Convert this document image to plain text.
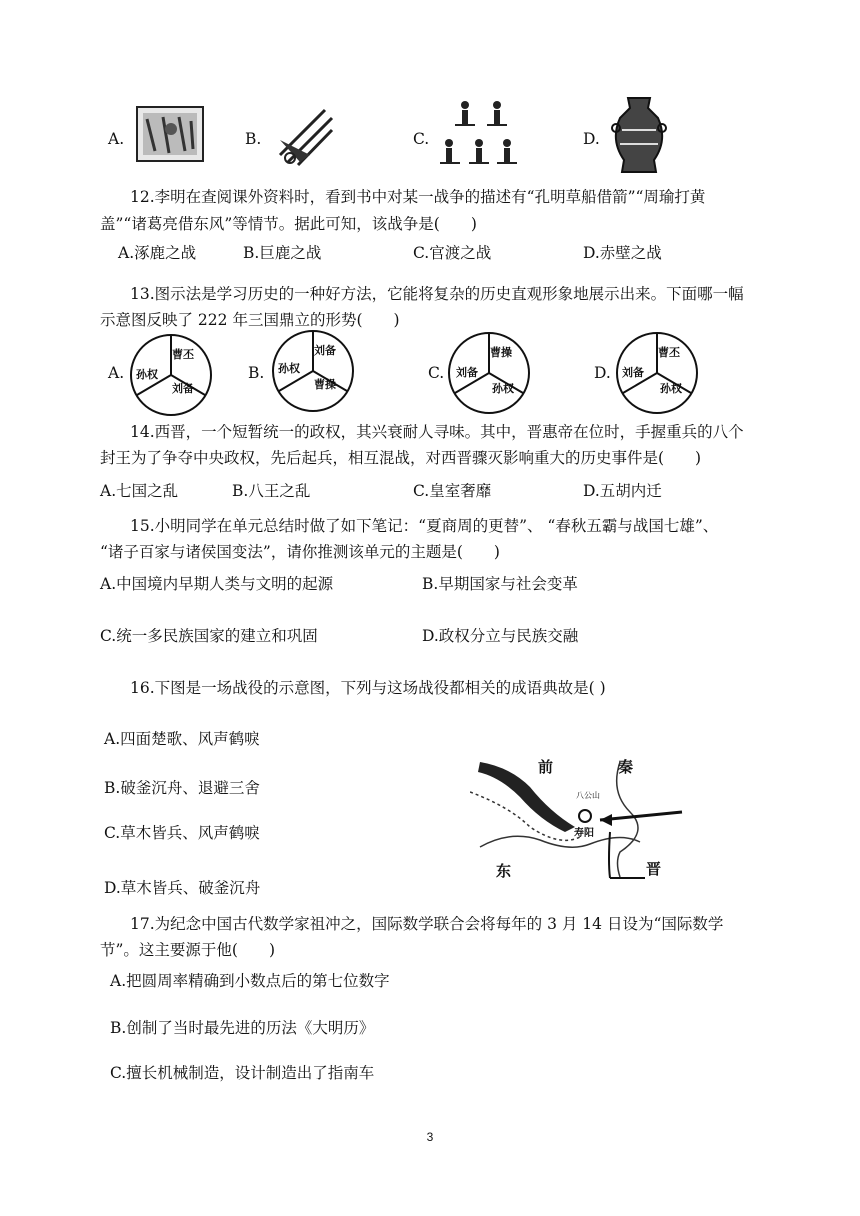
A.	B.	C.	D.
12.李明在查阅课外资料时，看到书中对某一战争的描述有“孔明草船借箭”“周瑜打黄
盖”“诸葛亮借东风”等情节。据此可知，该战争是(　　)
A.涿鹿之战	B.巨鹿之战	C.官渡之战	D.赤壁之战
13.图示法是学习历史的一种好方法，它能将复杂的历史直观形象地展示出来。下面哪一幅
示意图反映了 222 年三国鼎立的形势(　　)
A.
曹丕
孙权
刘备
B.
刘备
孙权
曹操
C.
曹操
刘备
孙权
D.
曹丕
刘备
孙权
14.西晋，一个短暂统一的政权，其兴衰耐人寻味。其中，晋惠帝在位时，手握重兵的八个
封王为了争夺中央政权，先后起兵，相互混战，对西晋骤灭影响重大的历史事件是(　　)
A.七国之乱	B.八王之乱	C.皇室奢靡	D.五胡内迁
15.小明同学在单元总结时做了如下笔记：“夏商周的更替”、 “春秋五霸与战国七雄”、
“诸子百家与诸侯国变法”，请你推测该单元的主题是(　　)
A.中国境内早期人类与文明的起源	B.早期国家与社会变革
C.统一多民族国家的建立和巩固	D.政权分立与民族交融
16.下图是一场战役的示意图，下列与这场战役都相关的成语典故是( )
A.四面楚歌、风声鹤唳
B.破釜沉舟、退避三舍
C.草木皆兵、风声鹤唳
D.草木皆兵、破釜沉舟
前	秦
八公山
寿阳
东	晋
17.为纪念中国古代数学家祖冲之，国际数学联合会将每年的 3 月 14 日设为“国际数学
节”。这主要源于他(　　)
A.把圆周率精确到小数点后的第七位数字
B.创制了当时最先进的历法《大明历》
C.擅长机械制造，设计制造出了指南车
3
